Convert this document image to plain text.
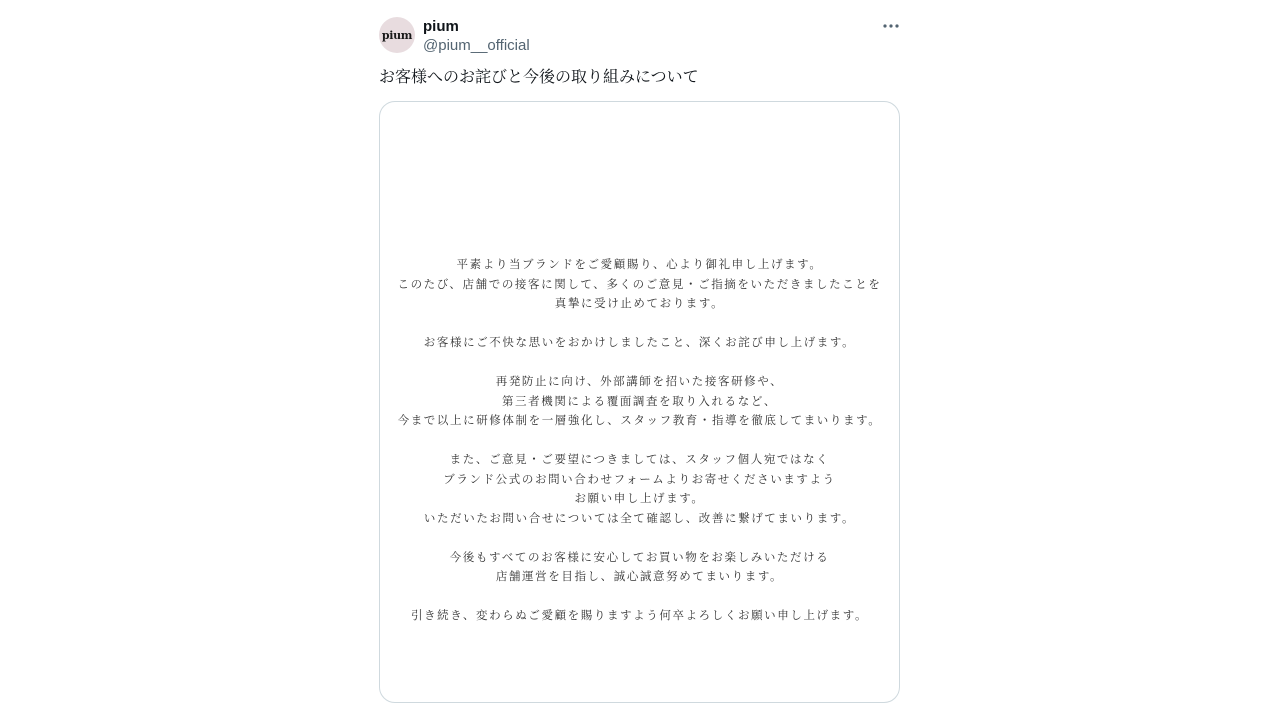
pium pium
@pium__official
お客様へのお詫びと今後の取り組みについて
平素より当ブランドをご愛顧賜り、心より御礼申し上げます。
このたび、店舗での接客に関して、多くのご意見・ご指摘をいただきましたことを
真摯に受け止めております。
お客様にご不快な思いをおかけしましたこと、深くお詫び申し上げます。
再発防止に向け、外部講師を招いた接客研修や、
第三者機関による覆面調査を取り入れるなど、
今まで以上に研修体制を一層強化し、スタッフ教育・指導を徹底してまいります。
また、ご意見・ご要望につきましては、スタッフ個人宛ではなく
ブランド公式のお問い合わせフォームよりお寄せくださいますよう
お願い申し上げます。
いただいたお問い合せについては全て確認し、改善に繋げてまいります。
今後もすべてのお客様に安心してお買い物をお楽しみいただける
店舗運営を目指し、誠心誠意努めてまいります。
引き続き、変わらぬご愛顧を賜りますよう何卒よろしくお願い申し上げます。
